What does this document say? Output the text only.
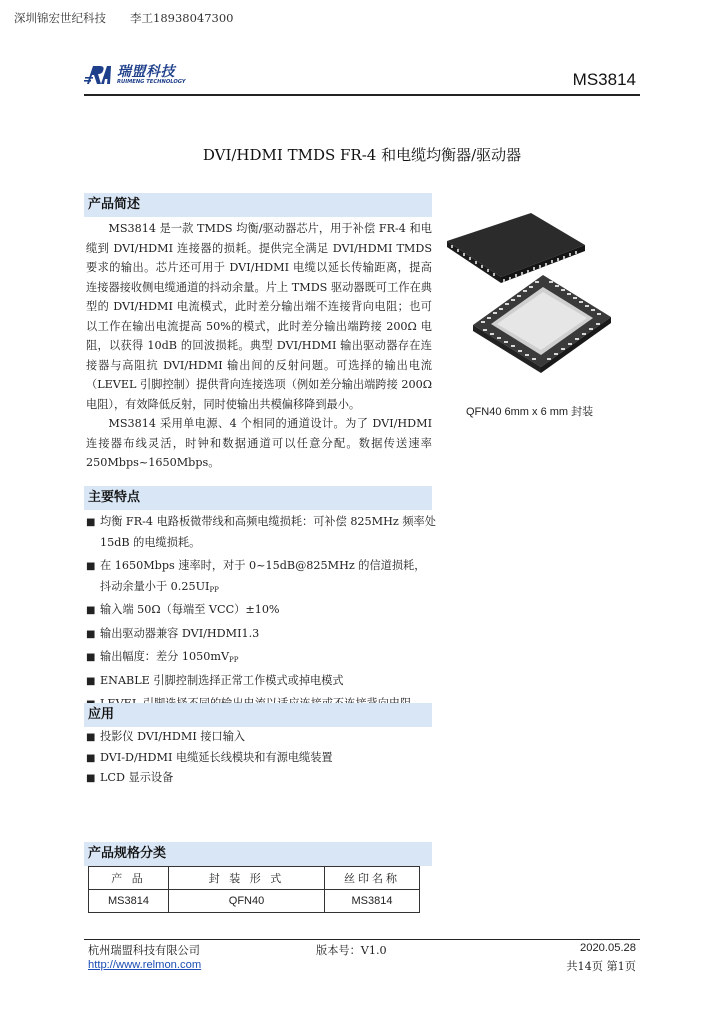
深圳锦宏世纪科技 李工18938047300
瑞盟科技
RUIMENG TECHNOLOGY	MS3814
DVI/HDMI TMDS FR-4 和电缆均衡器/驱动器
产品简述

MS3814 是一款 TMDS 均衡/驱动器芯片，用于补偿 FR-4 和电缆到 DVI/HDMI 连接器的损耗。提供完全满足 DVI/HDMI TMDS 要求的输出。芯片还可用于 DVI/HDMI 电缆以延长传输距离，提高连接器接收侧电缆通道的抖动余量。片上 TMDS 驱动器既可工作在典型的 DVI/HDMI 电流模式，此时差分输出端不连接背向电阻；也可以工作在输出电流提高 50%的模式，此时差分输出端跨接 200Ω 电阻，以获得 10dB 的回波损耗。典型 DVI/HDMI 输出驱动器存在连接器与高阻抗 DVI/HDMI 输出间的反射问题。可选择的输出电流（LEVEL 引脚控制）提供背向连接选项（例如差分输出端跨接 200Ω 电阻），有效降低反射，同时使输出共模偏移降到最小。

MS3814 采用单电源、4 个相同的通道设计。为了 DVI/HDMI 连接器布线灵活，时钟和数据通道可以任意分配。数据传送速率 250Mbps~1650Mbps。

QFN40 6mm x 6 mm 封装
主要特点
■ 均衡 FR-4 电路板微带线和高频电缆损耗：可补偿 825MHz 频率处 15dB 的电缆损耗。
■ 在 1650Mbps 速率时，对于 0~15dB@825MHz 的信道损耗，抖动余量小于 $0.25UI_{PP}$
■ 输入端 50Ω（每端至 VCC）±10%
■ 输出驱动器兼容 DVI/HDMI1.3
■ 输出幅度：差分 $1050mV_{PP}$
■ ENABLE 引脚控制选择正常工作模式或掉电模式
应用
■ 投影仪 DVI/HDMI 接口输入
■ DVI-D/HDMI 电缆延长线模块和有源电缆装置
■ LCD 显示设备
产品规格分类
产 品	封 装 形 式	丝印名称
MS3814	QFN40	MS3814
杭州瑞盟科技有限公司
http://www.relmon.com
版本号：V1.0	2020.05.28
共14页 第1页
